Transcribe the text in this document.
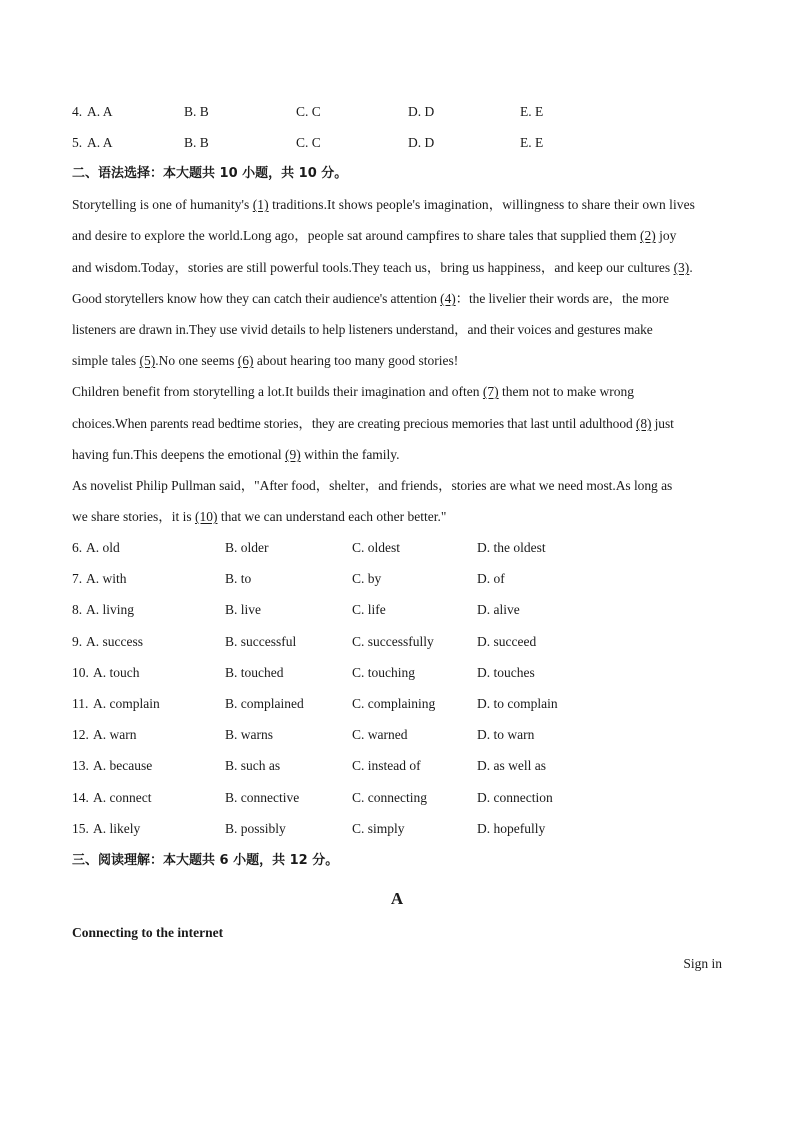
4. A. A	B. B	C. C	D. D	E. E
5. A. A	B. B	C. C	D. D	E. E
二、语法选择：本大题共 10 小题，共 10 分。
Storytelling is one of humanity's (1) traditions.It shows people's imagination，willingness to share their own lives
and desire to explore the world.Long ago，people sat around campfires to share tales that supplied them (2) joy
and wisdom.Today，stories are still powerful tools.They teach us，bring us happiness，and keep our cultures (3).
Good storytellers know how they can catch their audience's attention (4)：the livelier their words are，the more
listeners are drawn in.They use vivid details to help listeners understand，and their voices and gestures make
simple tales (5).No one seems (6) about hearing too many good stories!
Children benefit from storytelling a lot.It builds their imagination and often (7) them not to make wrong
choices.When parents read bedtime stories，they are creating precious memories that last until adulthood (8) just
having fun.This deepens the emotional (9) within the family.
As novelist Philip Pullman said，"After food，shelter，and friends，stories are what we need most.As long as
we share stories，it is (10) that we can understand each other better."
6. A. old	B. older	C. oldest	D. the oldest
7. A. with	B. to	C. by	D. of
8. A. living	B. live	C. life	D. alive
9. A. success	B. successful	C. successfully	D. succeed
10. A. touch	B. touched	C. touching	D. touches
11. A. complain	B. complained	C. complaining	D. to complain
12. A. warn	B. warns	C. warned	D. to warn
13. A. because	B. such as	C. instead of	D. as well as
14. A. connect	B. connective	C. connecting	D. connection
15. A. likely	B. possibly	C. simply	D. hopefully
三、阅读理解：本大题共 6 小题，共 12 分。
A
Connecting to the internet
Sign in
